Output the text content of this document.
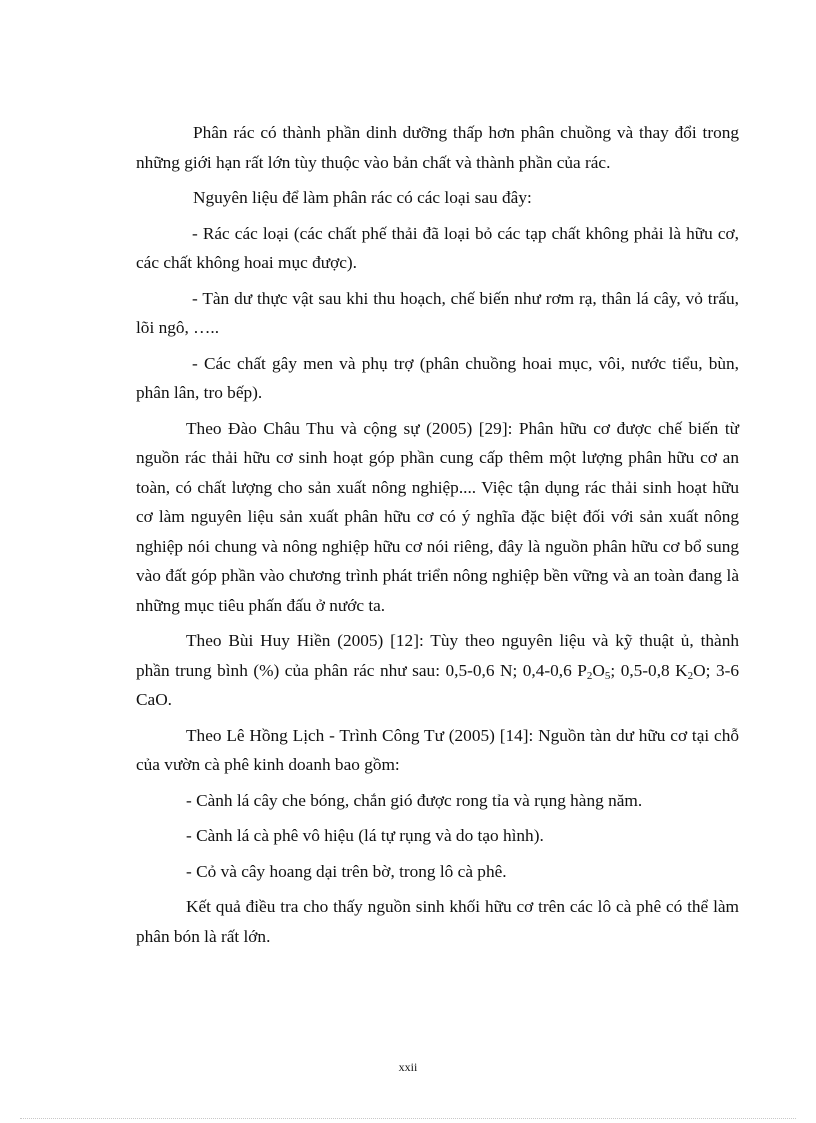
Phân rác có thành phần dinh dưỡng thấp hơn phân chuồng và thay đổi trong những giới hạn rất lớn tùy thuộc vào bản chất và thành phần của rác.

Nguyên liệu để làm phân rác có các loại sau đây:

- Rác các loại (các chất phế thải đã loại bỏ các tạp chất không phải là hữu cơ, các chất không hoai mục được).

- Tàn dư thực vật sau khi thu hoạch, chế biến như rơm rạ, thân lá cây, vỏ trấu, lõi ngô, …..

- Các chất gây men và phụ trợ (phân chuồng hoai mục, vôi, nước tiểu, bùn, phân lân, tro bếp).

Theo Đào Châu Thu và cộng sự (2005) [29]: Phân hữu cơ được chế biến từ nguồn rác thải hữu cơ sinh hoạt góp phần cung cấp thêm một lượng phân hữu cơ an toàn, có chất lượng cho sản xuất nông nghiệp.... Việc tận dụng rác thải sinh hoạt hữu cơ làm nguyên liệu sản xuất phân hữu cơ có ý nghĩa đặc biệt đối với sản xuất nông nghiệp nói chung và nông nghiệp hữu cơ nói riêng, đây là nguồn phân hữu cơ bổ sung vào đất góp phần vào chương trình phát triển nông nghiệp bền vững và an toàn đang là những mục tiêu phấn đấu ở nước ta.

Theo Bùi Huy Hiền (2005) [12]: Tùy theo nguyên liệu và kỹ thuật ủ, thành phần trung bình (%) của phân rác như sau: 0,5-0,6 N; 0,4-0,6 $P_2O_5$; 0,5-0,8 $K_2O$; 3-6 CaO.

Theo Lê Hồng Lịch - Trình Công Tư (2005) [14]: Nguồn tàn dư hữu cơ tại chỗ của vườn cà phê kinh doanh bao gồm:

- Cành lá cây che bóng, chắn gió được rong tỉa và rụng hàng năm.

- Cành lá cà phê vô hiệu (lá tự rụng và do tạo hình).

- Cỏ và cây hoang dại trên bờ, trong lô cà phê.

Kết quả điều tra cho thấy nguồn sinh khối hữu cơ trên các lô cà phê có thể làm phân bón là rất lớn.

xxii
